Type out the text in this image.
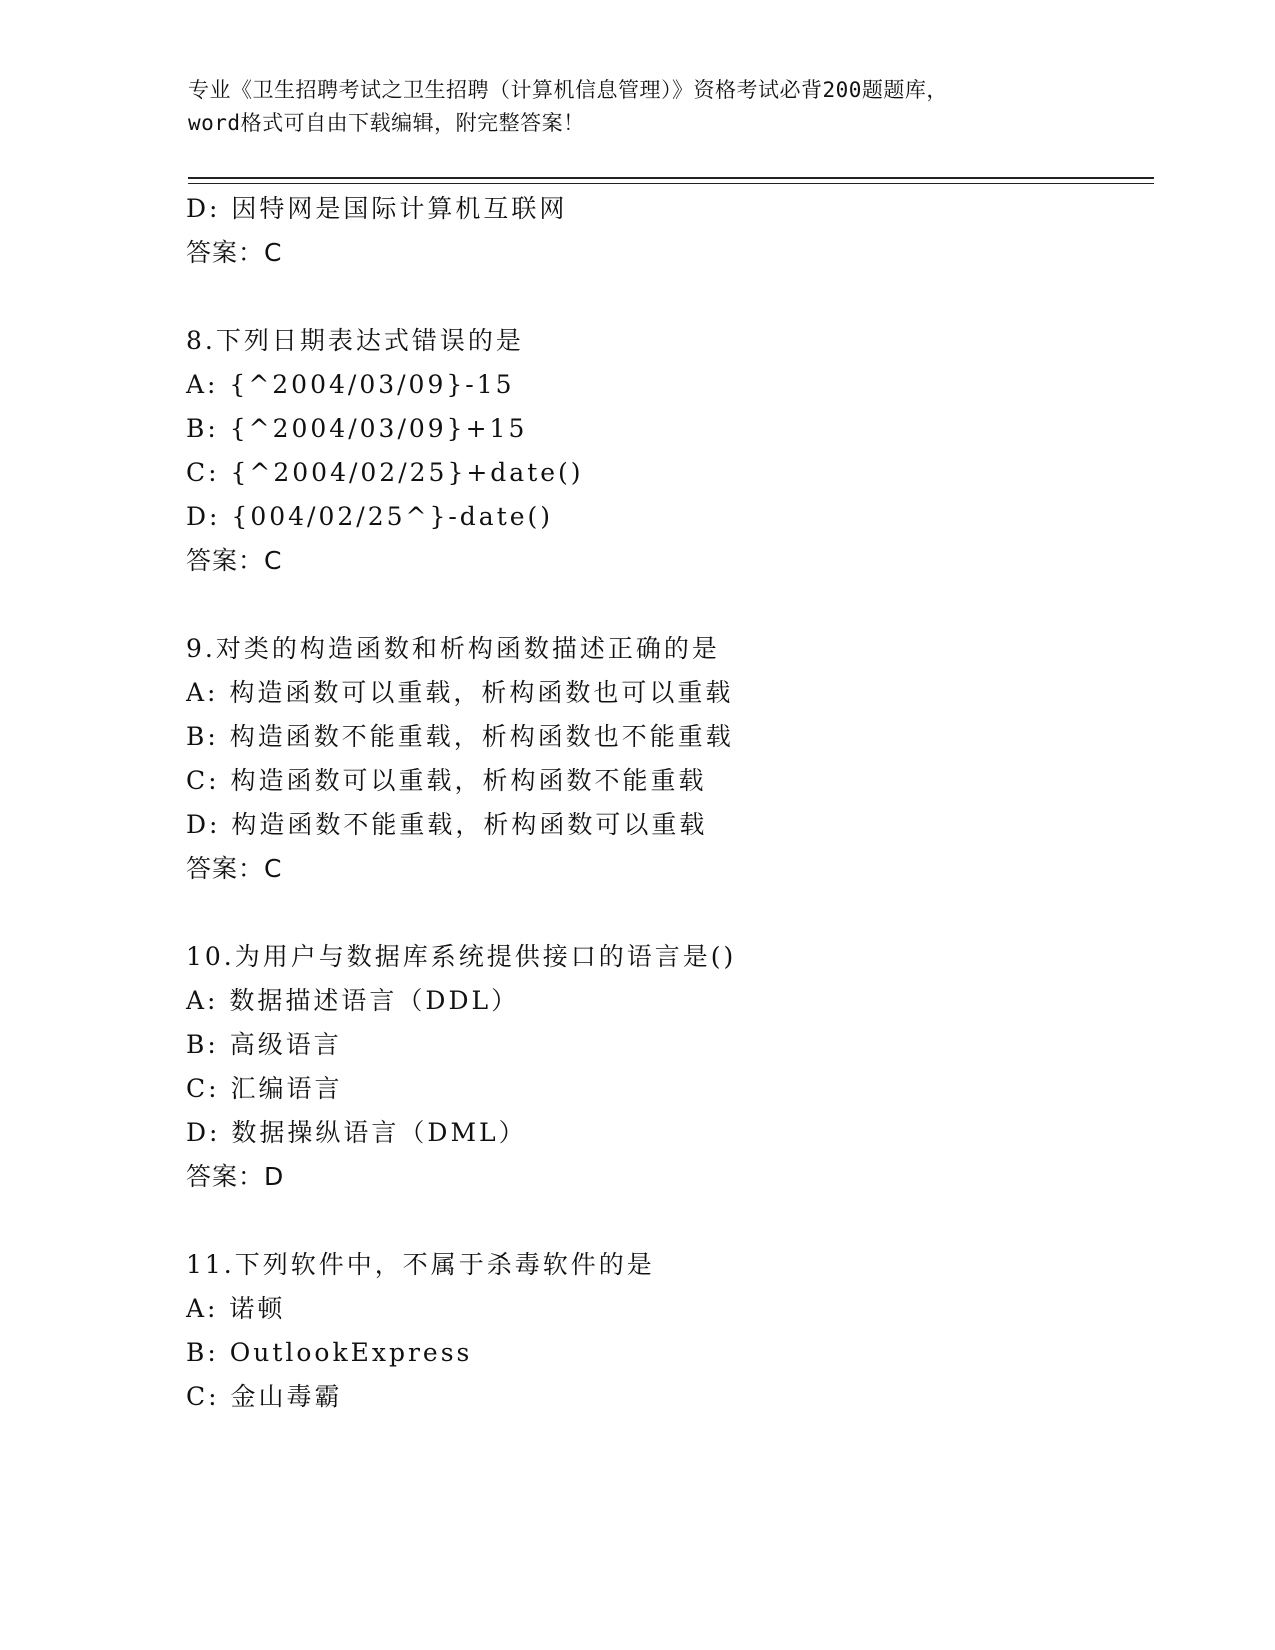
专业《卫生招聘考试之卫生招聘（计算机信息管理）》资格考试必背200题题库，
word格式可自由下载编辑，附完整答案！
D: 因特网是国际计算机互联网
答案：C
8.下列日期表达式错误的是
A: {^2004/03/09}-15
B: {^2004/03/09}+15
C: {^2004/02/25}+date()
D: {004/02/25^}-date()
答案：C
9.对类的构造函数和析构函数描述正确的是
A: 构造函数可以重载，析构函数也可以重载
B: 构造函数不能重载，析构函数也不能重载
C: 构造函数可以重载，析构函数不能重载
D: 构造函数不能重载，析构函数可以重载
答案：C
10.为用户与数据库系统提供接口的语言是()
A: 数据描述语言（DDL）
B: 高级语言
C: 汇编语言
D: 数据操纵语言（DML）
答案：D
11.下列软件中，不属于杀毒软件的是
A: 诺顿
B: OutlookExpress
C: 金山毒霸
